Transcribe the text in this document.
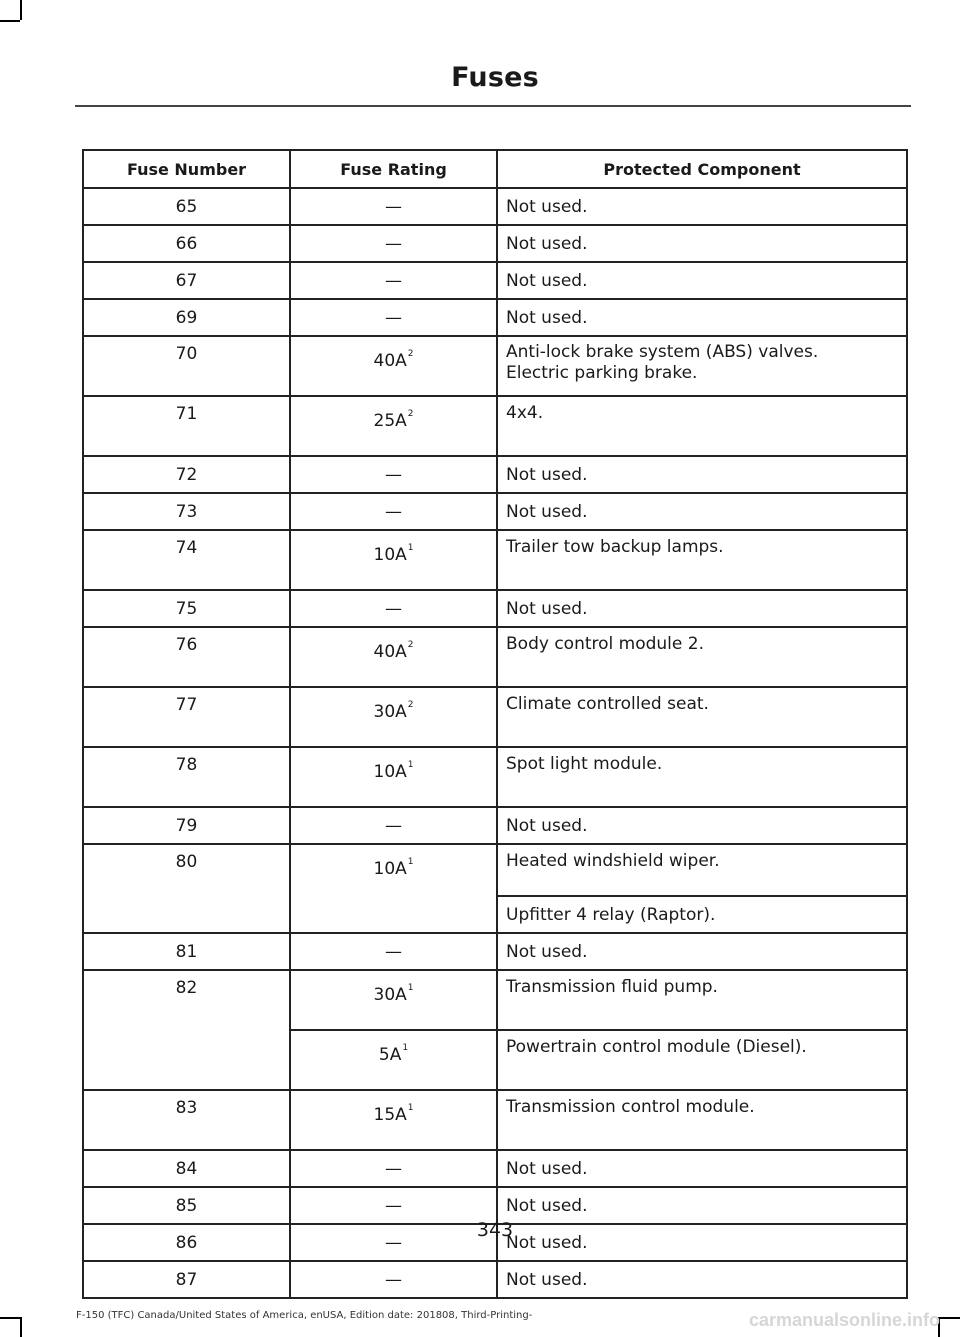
Fuses
Fuse Number	Fuse Rating	Protected Component
65	—	Not used.
66	—	Not used.
67	—	Not used.
69	—	Not used.
70	40A$^2$	Anti-lock brake system (ABS) valves.
Electric parking brake.
71	25A$^2$	4x4.
72	—	Not used.
73	—	Not used.
74	10A$^1$	Trailer tow backup lamps.
75	—	Not used.
76	40A$^2$	Body control module 2.
77	30A$^2$	Climate controlled seat.
78	10A$^1$	Spot light module.
79	—	Not used.
80	10A$^1$	Heated windshield wiper.
		Upfitter 4 relay (Raptor).
81	—	Not used.
82	30A$^1$	Transmission fluid pump.
	5A$^1$	Powertrain control module (Diesel).
83	15A$^1$	Transmission control module.
84	—	Not used.
85	—	Not used.
86	—	Not used.
87	—	Not used.
343
F-150 (TFC) Canada/United States of America, enUSA, Edition date: 201808, Third-Printing-	carmanualsonline.info
